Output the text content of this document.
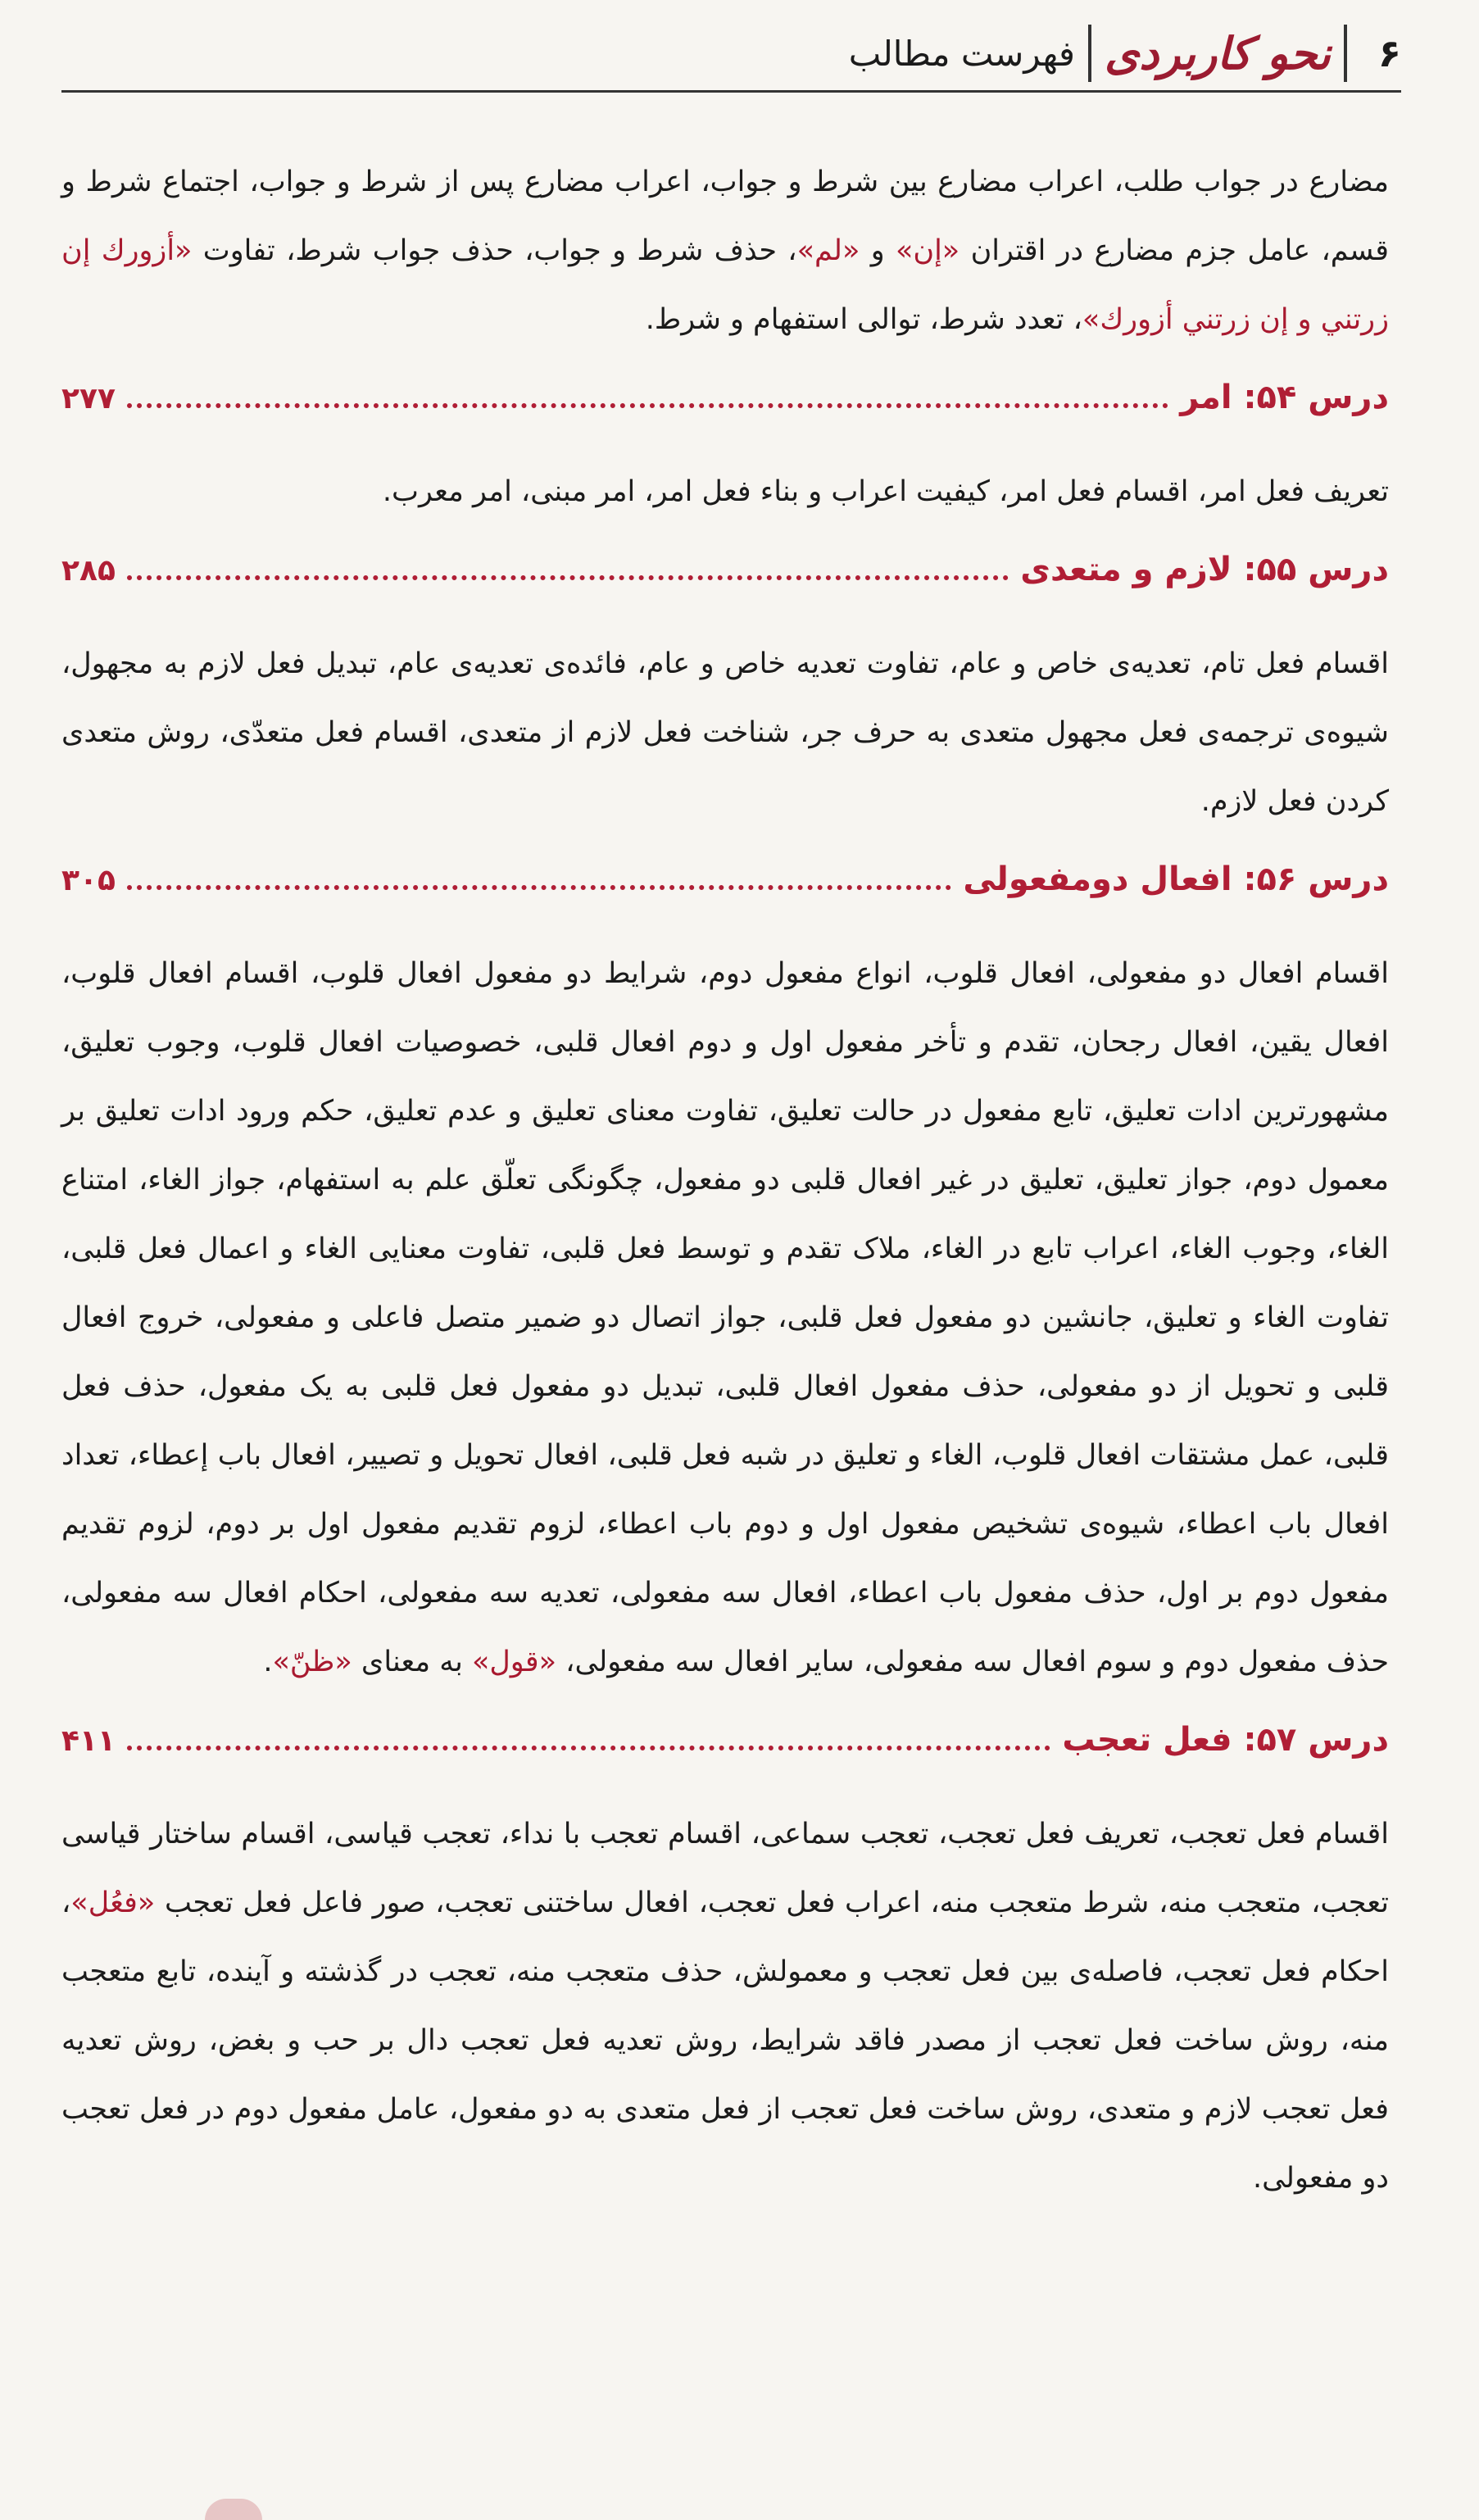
۶
نحو کاربردی
فهرست مطالب

مضارع در جواب طلب، اعراب مضارع بین شرط و جواب، اعراب مضارع پس از شرط و جواب، اجتماع شرط و قسم، عامل جزم مضارع در اقتران «إن» و «لم»، حذف شرط و جواب، حذف جواب شرط، تفاوت «أزورك إن زرتني و إن زرتني أزورك»، تعدد شرط، توالی استفهام و شرط.

درس ۵۴: امر
۲۷۷

تعریف فعل امر، اقسام فعل امر، کیفیت اعراب و بناء فعل امر، امر مبنی، امر معرب.

درس ۵۵: لازم و متعدی
۲۸۵

اقسام فعل تام، تعدیه‌ی خاص و عام، تفاوت تعدیه خاص و عام، فائده‌ی تعدیه‌ی عام، تبدیل فعل لازم به مجهول، شیوه‌ی ترجمه‌ی فعل مجهول متعدی به حرف جر، شناخت فعل لازم از متعدی، اقسام فعل متعدّی، روش متعدی کردن فعل لازم.

درس ۵۶: افعال دومفعولی
۳۰۵

اقسام افعال دو مفعولی، افعال قلوب، انواع مفعول دوم، شرایط دو مفعول افعال قلوب، اقسام افعال قلوب، افعال یقین، افعال رجحان، تقدم و تأخر مفعول اول و دوم افعال قلبی، خصوصیات افعال قلوب، وجوب تعلیق، مشهورترین ادات تعلیق، تابع مفعول در حالت تعلیق، تفاوت معنای تعلیق و عدم تعلیق، حکم ورود ادات تعلیق بر معمول دوم، جواز تعلیق، تعلیق در غیر افعال قلبی دو مفعول، چگونگی تعلّق علم به استفهام، جواز الغاء، امتناع الغاء، وجوب الغاء، اعراب تابع در الغاء، ملاک تقدم و توسط فعل قلبی، تفاوت معنایی الغاء و اعمال فعل قلبی، تفاوت الغاء و تعلیق، جانشین دو مفعول فعل قلبی، جواز اتصال دو ضمیر متصل فاعلی و مفعولی، خروج افعال قلبی و تحویل از دو مفعولی، حذف مفعول افعال قلبی، تبدیل دو مفعول فعل قلبی به یک مفعول، حذف فعل قلبی، عمل مشتقات افعال قلوب، الغاء و تعلیق در شبه فعل قلبی، افعال تحویل و تصییر، افعال باب إعطاء، تعداد افعال باب اعطاء، شیوه‌ی تشخیص مفعول اول و دوم باب اعطاء، لزوم تقدیم مفعول اول بر دوم، لزوم تقدیم مفعول دوم بر اول، حذف مفعول باب اعطاء، افعال سه مفعولی، تعدیه سه مفعولی، احکام افعال سه مفعولی، حذف مفعول دوم و سوم افعال سه مفعولی، سایر افعال سه مفعولی، «قول» به معنای «ظنّ».

درس ۵۷: فعل تعجب
۴۱۱

اقسام فعل تعجب، تعریف فعل تعجب، تعجب سماعی، اقسام تعجب با نداء، تعجب قیاسی، اقسام ساختار قیاسی تعجب، متعجب منه، شرط متعجب منه، اعراب فعل تعجب، افعال ساختنی تعجب، صور فاعل فعل تعجب «فعُل»، احکام فعل تعجب، فاصله‌ی بین فعل تعجب و معمولش، حذف متعجب منه، تعجب در گذشته و آینده، تابع متعجب منه، روش ساخت فعل تعجب از مصدر فاقد شرایط، روش تعدیه فعل تعجب دال بر حب و بغض، روش تعدیه فعل تعجب لازم و متعدی، روش ساخت فعل تعجب از فعل متعدی به دو مفعول، عامل مفعول دوم در فعل تعجب دو مفعولی.
